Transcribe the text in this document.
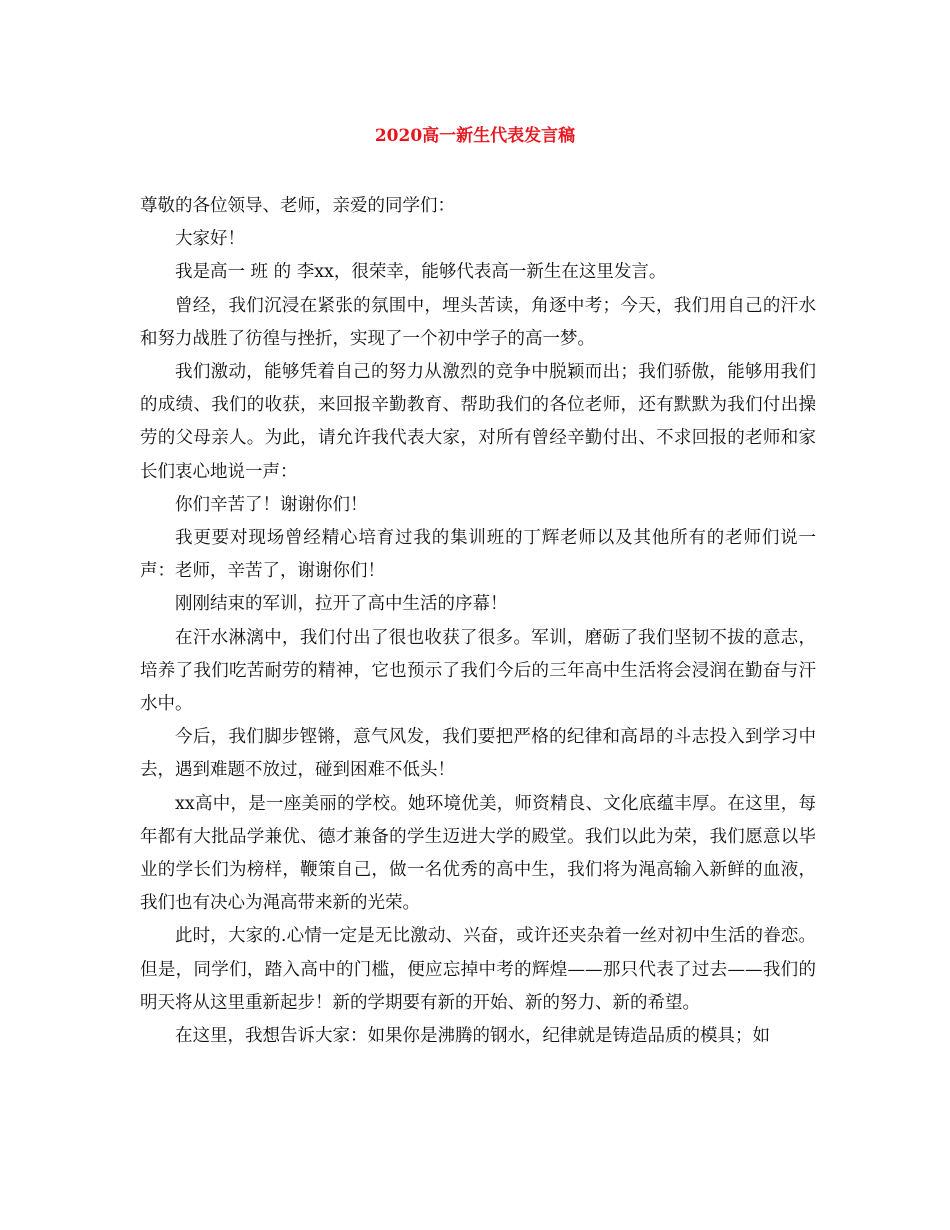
2020高一新生代表发言稿

尊敬的各位领导、老师，亲爱的同学们：

大家好！

我是高一 班 的 李xx，很荣幸，能够代表高一新生在这里发言。

曾经，我们沉浸在紧张的氛围中，埋头苦读，角逐中考；今天，我们用自己的汗水和努力战胜了彷徨与挫折，实现了一个初中学子的高一梦。

我们激动，能够凭着自己的努力从激烈的竞争中脱颖而出；我们骄傲，能够用我们的成绩、我们的收获，来回报辛勤教育、帮助我们的各位老师，还有默默为我们付出操劳的父母亲人。为此，请允许我代表大家，对所有曾经辛勤付出、不求回报的老师和家长们衷心地说一声：

你们辛苦了！谢谢你们！

我更要对现场曾经精心培育过我的集训班的丁辉老师以及其他所有的老师们说一声：老师，辛苦了，谢谢你们！

刚刚结束的军训，拉开了高中生活的序幕！

在汗水淋漓中，我们付出了很也收获了很多。军训，磨砺了我们坚韧不拔的意志，培养了我们吃苦耐劳的精神，它也预示了我们今后的三年高中生活将会浸润在勤奋与汗水中。

今后，我们脚步铿锵，意气风发，我们要把严格的纪律和高昂的斗志投入到学习中去，遇到难题不放过，碰到困难不低头！

xx高中，是一座美丽的学校。她环境优美，师资精良、文化底蕴丰厚。在这里，每年都有大批品学兼优、德才兼备的学生迈进大学的殿堂。我们以此为荣，我们愿意以毕业的学长们为榜样，鞭策自己，做一名优秀的高中生，我们将为渑高输入新鲜的血液，我们也有决心为渑高带来新的光荣。

此时，大家的.心情一定是无比激动、兴奋，或许还夹杂着一丝对初中生活的眷恋。但是，同学们，踏入高中的门槛，便应忘掉中考的辉煌——那只代表了过去——我们的明天将从这里重新起步！新的学期要有新的开始、新的努力、新的希望。

在这里，我想告诉大家：如果你是沸腾的钢水，纪律就是铸造品质的模具；如
